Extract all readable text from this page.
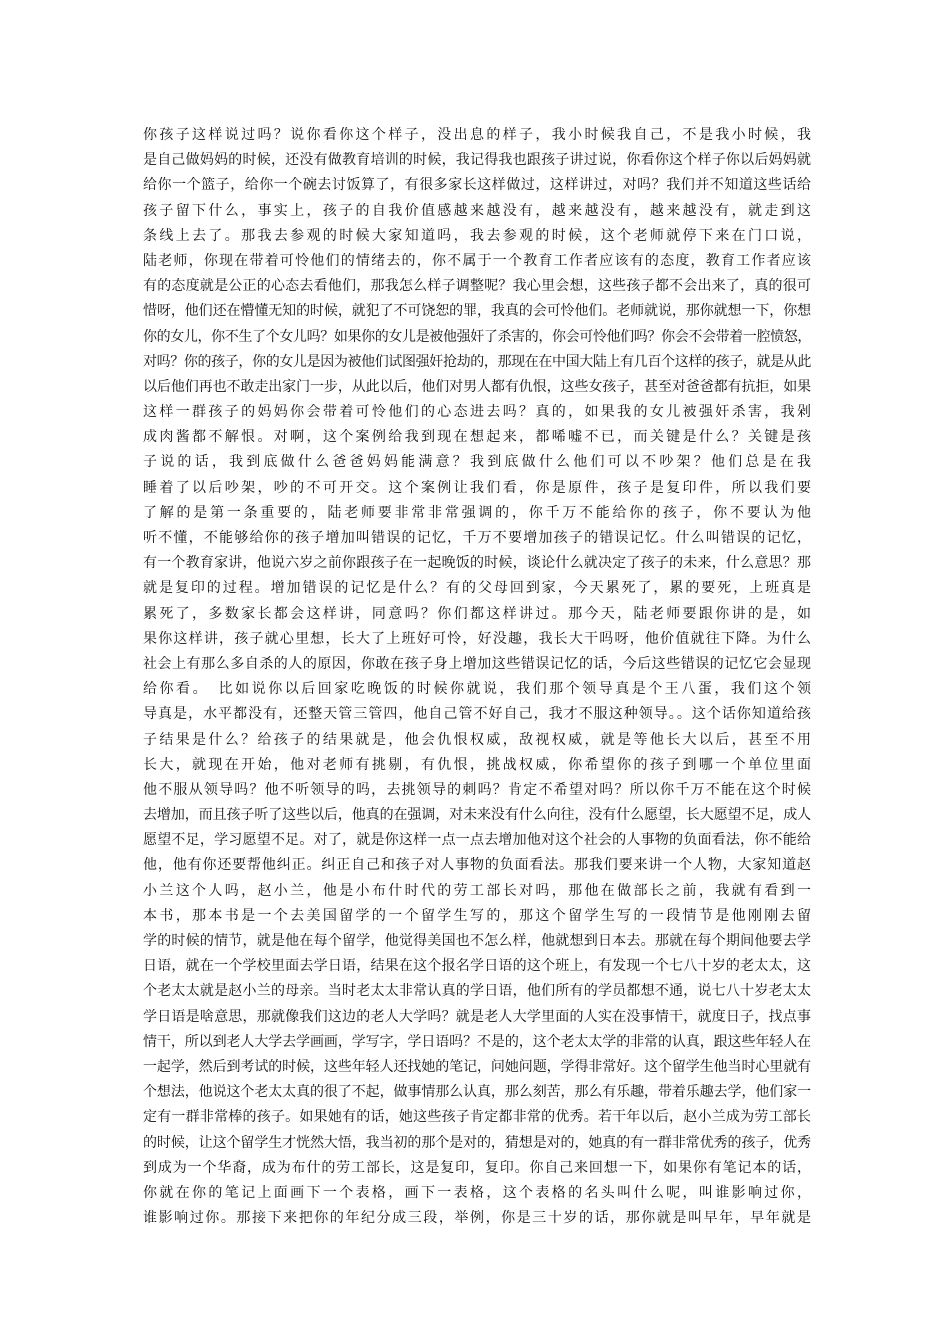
你孩子这样说过吗？说你看你这个样子，没出息的样子，我小时候我自己，不是我小时候，我
是自己做妈妈的时候，还没有做教育培训的时候，我记得我也跟孩子讲过说，你看你这个样子你以后妈妈就
给你一个篮子，给你一个碗去讨饭算了，有很多家长这样做过，这样讲过，对吗？我们并不知道这些话给
孩子留下什么，事实上，孩子的自我价值感越来越没有，越来越没有，越来越没有，就走到这
条线上去了。那我去参观的时候大家知道吗，我去参观的时候，这个老师就停下来在门口说，
陆老师，你现在带着可怜他们的情绪去的，你不属于一个教育工作者应该有的态度，教育工作者应该
有的态度就是公正的心态去看他们，那我怎么样子调整呢？我心里会想，这些孩子都不会出来了，真的很可
惜呀，他们还在懵懂无知的时候，就犯了不可饶恕的罪，我真的会可怜他们。老师就说，那你就想一下，你想
你的女儿，你不生了个女儿吗？如果你的女儿是被他强奸了杀害的，你会可怜他们吗？你会不会带着一腔愤怒，
对吗？你的孩子，你的女儿是因为被他们试图强奸抢劫的，那现在在中国大陆上有几百个这样的孩子，就是从此
以后他们再也不敢走出家门一步，从此以后，他们对男人都有仇恨，这些女孩子，甚至对爸爸都有抗拒，如果
这样一群孩子的妈妈你会带着可怜他们的心态进去吗？真的，如果我的女儿被强奸杀害，我剁
成肉酱都不解恨。对啊，这个案例给我到现在想起来，都唏嘘不已，而关键是什么？关键是孩
子说的话，我到底做什么爸爸妈妈能满意？我到底做什么他们可以不吵架？他们总是在我
睡着了以后吵架，吵的不可开交。这个案例让我们看，你是原件，孩子是复印件，所以我们要
了解的是第一条重要的，陆老师要非常非常强调的，你千万不能给你的孩子，你不要认为他
听不懂，不能够给你的孩子增加叫错误的记忆，千万不要增加孩子的错误记忆。什么叫错误的记忆，
有一个教育家讲，他说六岁之前你跟孩子在一起晚饭的时候，谈论什么就决定了孩子的未来，什么意思？那
就是复印的过程。增加错误的记忆是什么？有的父母回到家，今天累死了，累的要死，上班真是
累死了，多数家长都会这样讲，同意吗？你们都这样讲过。那今天，陆老师要跟你讲的是，如
果你这样讲，孩子就心里想，长大了上班好可怜，好没趣，我长大干吗呀，他价值就往下降。为什么
社会上有那么多自杀的人的原因，你敢在孩子身上增加这些错误记忆的话，今后这些错误的记忆它会显现
给你看。　比如说你以后回家吃晚饭的时候你就说，我们那个领导真是个王八蛋，我们这个领
导真是，水平都没有，还整天管三管四，他自己管不好自己，我才不服这种领导。。这个话你知道给孩
子结果是什么？给孩子的结果就是，他会仇恨权威，敌视权威，就是等他长大以后，甚至不用
长大，就现在开始，他对老师有挑剔，有仇恨，挑战权威，你希望你的孩子到哪一个单位里面
他不服从领导吗？他不听领导的吗，去挑领导的刺吗？肯定不希望对吗？所以你千万不能在这个时候
去增加，而且孩子听了这些以后，他真的在强调，对未来没有什么向往，没有什么愿望，长大愿望不足，成人
愿望不足，学习愿望不足。对了，就是你这样一点一点去增加他对这个社会的人事物的负面看法，你不能给
他，他有你还要帮他纠正。纠正自己和孩子对人事物的负面看法。那我们要来讲一个人物，大家知道赵
小兰这个人吗，赵小兰，他是小布什时代的劳工部长对吗，那他在做部长之前，我就有看到一
本书，那本书是一个去美国留学的一个留学生写的，那这个留学生写的一段情节是他刚刚去留
学的时候的情节，就是他在每个留学，他觉得美国也不怎么样，他就想到日本去。那就在每个期间他要去学
日语，就在一个学校里面去学日语，结果在这个报名学日语的这个班上，有发现一个七八十岁的老太太，这
个老太太就是赵小兰的母亲。当时老太太非常认真的学日语，他们所有的学员都想不通，说七八十岁老太太
学日语是啥意思，那就像我们这边的老人大学吗？就是老人大学里面的人实在没事情干，就度日子，找点事
情干，所以到老人大学去学画画，学写字，学日语吗？不是的，这个老太太学的非常的认真，跟这些年轻人在
一起学，然后到考试的时候，这些年轻人还找她的笔记，问她问题，学得非常好。这个留学生他当时心里就有
个想法，他说这个老太太真的很了不起，做事情那么认真，那么刻苦，那么有乐趣，带着乐趣去学，他们家一
定有一群非常棒的孩子。如果她有的话，她这些孩子肯定都非常的优秀。若干年以后，赵小兰成为劳工部长
的时候，让这个留学生才恍然大悟，我当初的那个是对的，猜想是对的，她真的有一群非常优秀的孩子，优秀
到成为一个华裔，成为布什的劳工部长，这是复印，复印。你自己来回想一下，如果你有笔记本的话，
你就在你的笔记上面画下一个表格，画下一表格，这个表格的名头叫什么呢，叫谁影响过你，
谁影响过你。那接下来把你的年纪分成三段，举例，你是三十岁的话，那你就是叫早年，早年就是
